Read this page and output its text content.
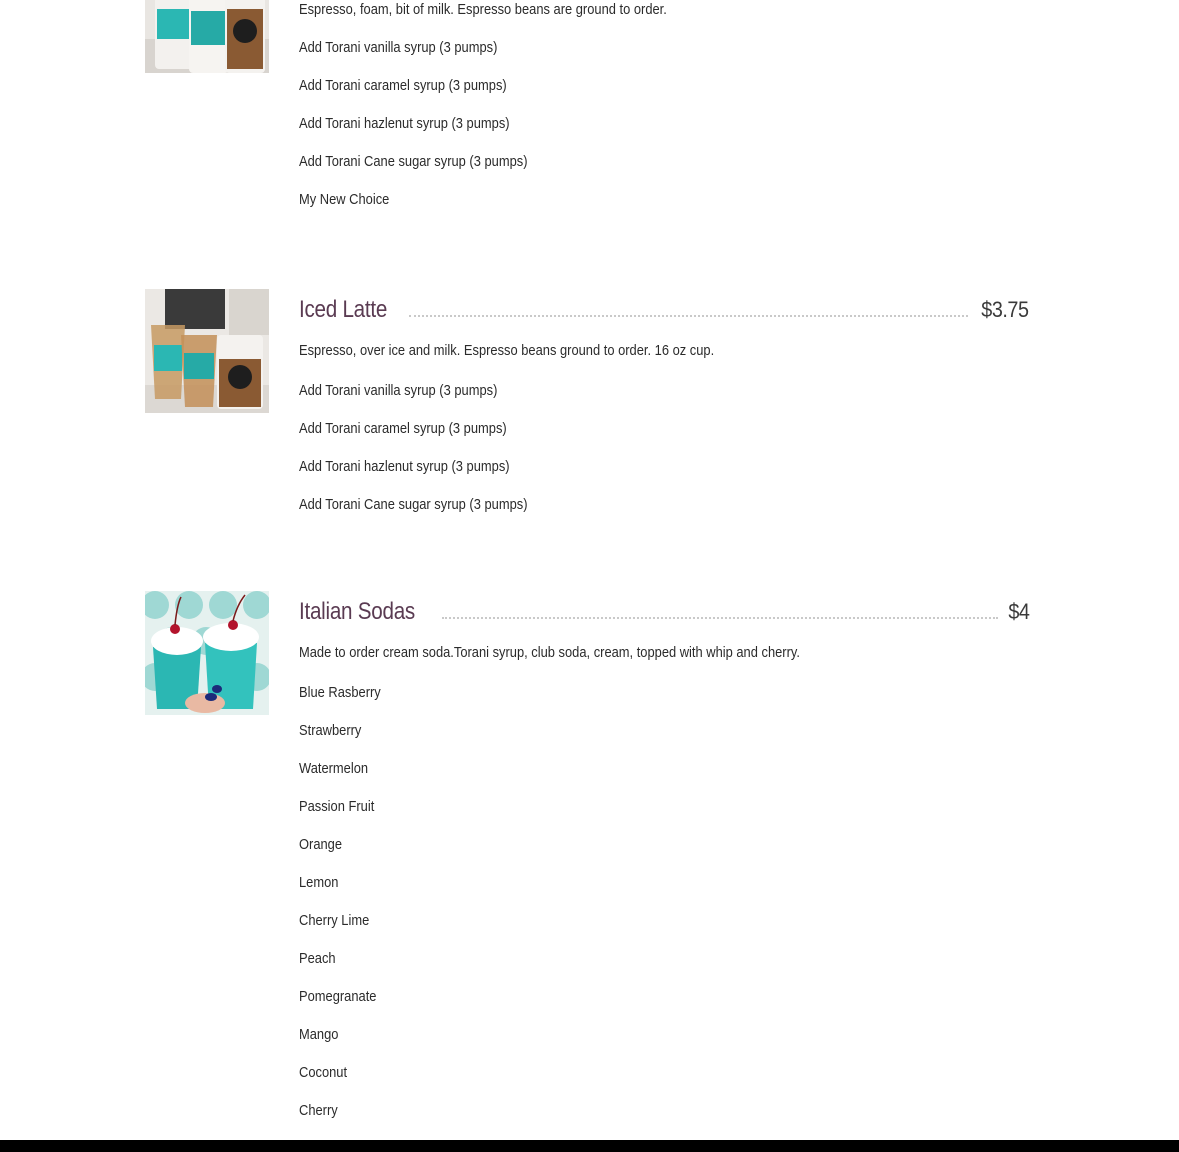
Espresso, foam, bit of milk. Espresso beans are ground to order.
Add Torani vanilla syrup (3 pumps)
Add Torani caramel syrup (3 pumps)
Add Torani hazlenut syrup (3 pumps)
Add Torani Cane sugar syrup (3 pumps)
My New Choice
Iced Latte	$3.75
Espresso, over ice and milk. Espresso beans ground to order. 16 oz cup.
Add Torani vanilla syrup (3 pumps)
Add Torani caramel syrup (3 pumps)
Add Torani hazlenut syrup (3 pumps)
Add Torani Cane sugar syrup (3 pumps)
Italian Sodas	$4
Made to order cream soda.Torani syrup, club soda, cream, topped with whip and cherry.
Blue Rasberry
Strawberry
Watermelon
Passion Fruit
Orange
Lemon
Cherry Lime
Peach
Pomegranate
Mango
Coconut
Cherry
